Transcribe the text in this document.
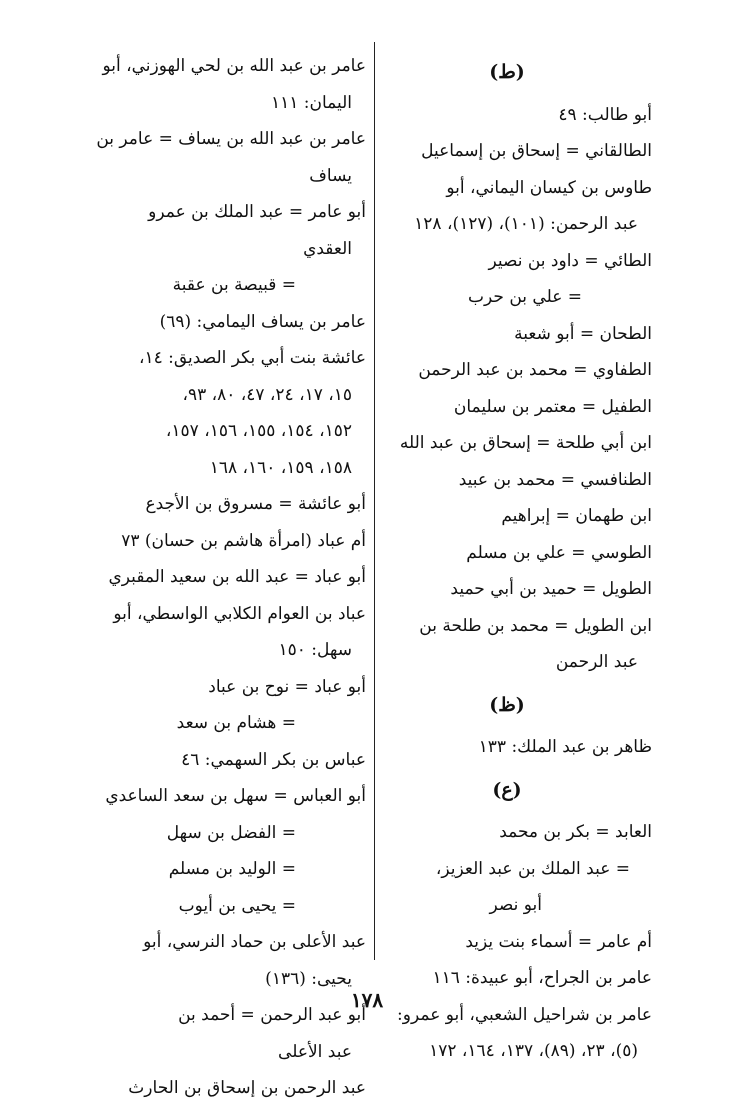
(ط)
أبو طالب: ٤٩
الطالقاني = إسحاق بن إسماعيل
طاوس بن كيسان اليماني، أبو
عبد الرحمن: (١٠١)، (١٢٧)، ١٢٨
الطائي = داود بن نصير
= علي بن حرب
الطحان = أبو شعبة
الطفاوي = محمد بن عبد الرحمن
الطفيل = معتمر بن سليمان
ابن أبي طلحة = إسحاق بن عبد الله
الطنافسي = محمد بن عبيد
ابن طهمان = إبراهيم
الطوسي = علي بن مسلم
الطويل = حميد بن أبي حميد
ابن الطويل = محمد بن طلحة بن
عبد الرحمن
(ظ)
ظاهر بن عبد الملك: ١٣٣
(ع)
العابد = بكر بن محمد
= عبد الملك بن عبد العزيز،
أبو نصر
أم عامر = أسماء بنت يزيد
عامر بن الجراح، أبو عبيدة: ١١٦
عامر بن شراحيل الشعبي، أبو عمرو:
(٥)، ٢٣، (٨٩)، ١٣٧، ١٦٤، ١٧٢
عامر بن عبد الله بن لحي الهوزني، أبو
اليمان: ١١١
عامر بن عبد الله بن يساف = عامر بن
يساف
أبو عامر = عبد الملك بن عمرو
العقدي
= قبيصة بن عقبة
عامر بن يساف اليمامي: (٦٩)
عائشة بنت أبي بكر الصديق: ١٤،
١٥، ١٧، ٢٤، ٤٧، ٨٠، ٩٣،
١٥٢، ١٥٤، ١٥٥، ١٥٦، ١٥٧،
١٥٨، ١٥٩، ١٦٠، ١٦٨
أبو عائشة = مسروق بن الأجدع
أم عباد (امرأة هاشم بن حسان) ٧٣
أبو عباد = عبد الله بن سعيد المقبري
عباد بن العوام الكلابي الواسطي، أبو
سهل: ١٥٠
أبو عباد = نوح بن عباد
= هشام بن سعد
عباس بن بكر السهمي: ٤٦
أبو العباس = سهل بن سعد الساعدي
= الفضل بن سهل
= الوليد بن مسلم
= يحيى بن أيوب
عبد الأعلى بن حماد النرسي، أبو
يحيى: (١٣٦)
أبو عبد الرحمن = أحمد بن
عبد الأعلى
عبد الرحمن بن إسحاق بن الحارث
١٧٨
